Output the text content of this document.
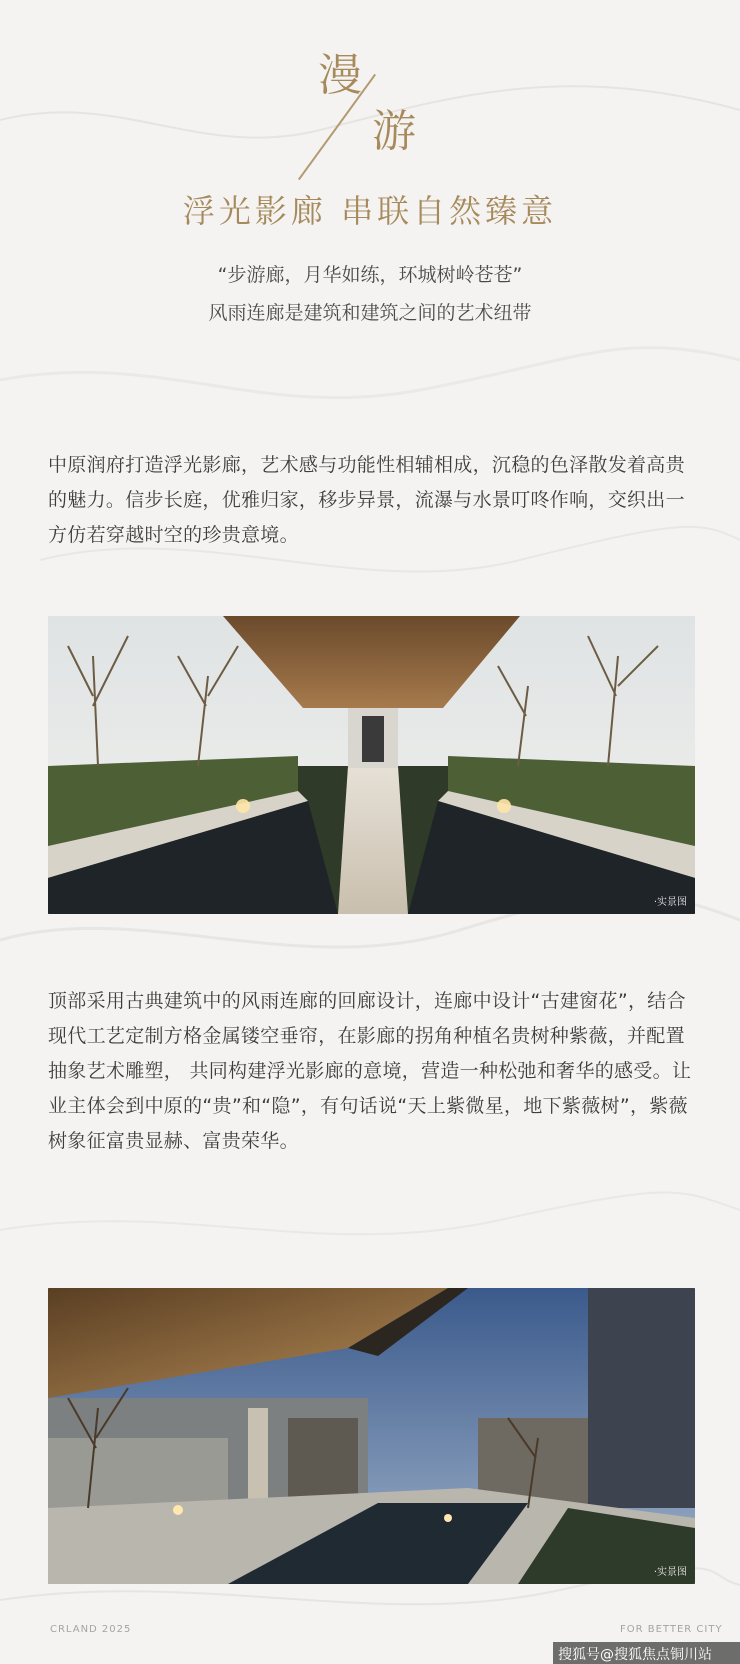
漫
游
浮光影廊 串联自然臻意
“步游廊，月华如练，环城树岭苍苍”
风雨连廊是建筑和建筑之间的艺术纽带
中原润府打造浮光影廊，艺术感与功能性相辅相成，沉稳的色泽散发着高贵的魅力。信步长庭，优雅归家，移步异景，流瀑与水景叮咚作响，交织出一方仿若穿越时空的珍贵意境。
·实景图
顶部采用古典建筑中的风雨连廊的回廊设计，连廊中设计“古建窗花”，结合现代工艺定制方格金属镂空垂帘，在影廊的拐角种植名贵树种紫薇，并配置抽象艺术雕塑， 共同构建浮光影廊的意境，营造一种松弛和奢华的感受。让业主体会到中原的“贵”和“隐”，有句话说“天上紫微星，地下紫薇树”，紫薇树象征富贵显赫、富贵荣华。
·实景图
CRLAND 2025	FOR BETTER CITY
搜狐号@搜狐焦点铜川站
